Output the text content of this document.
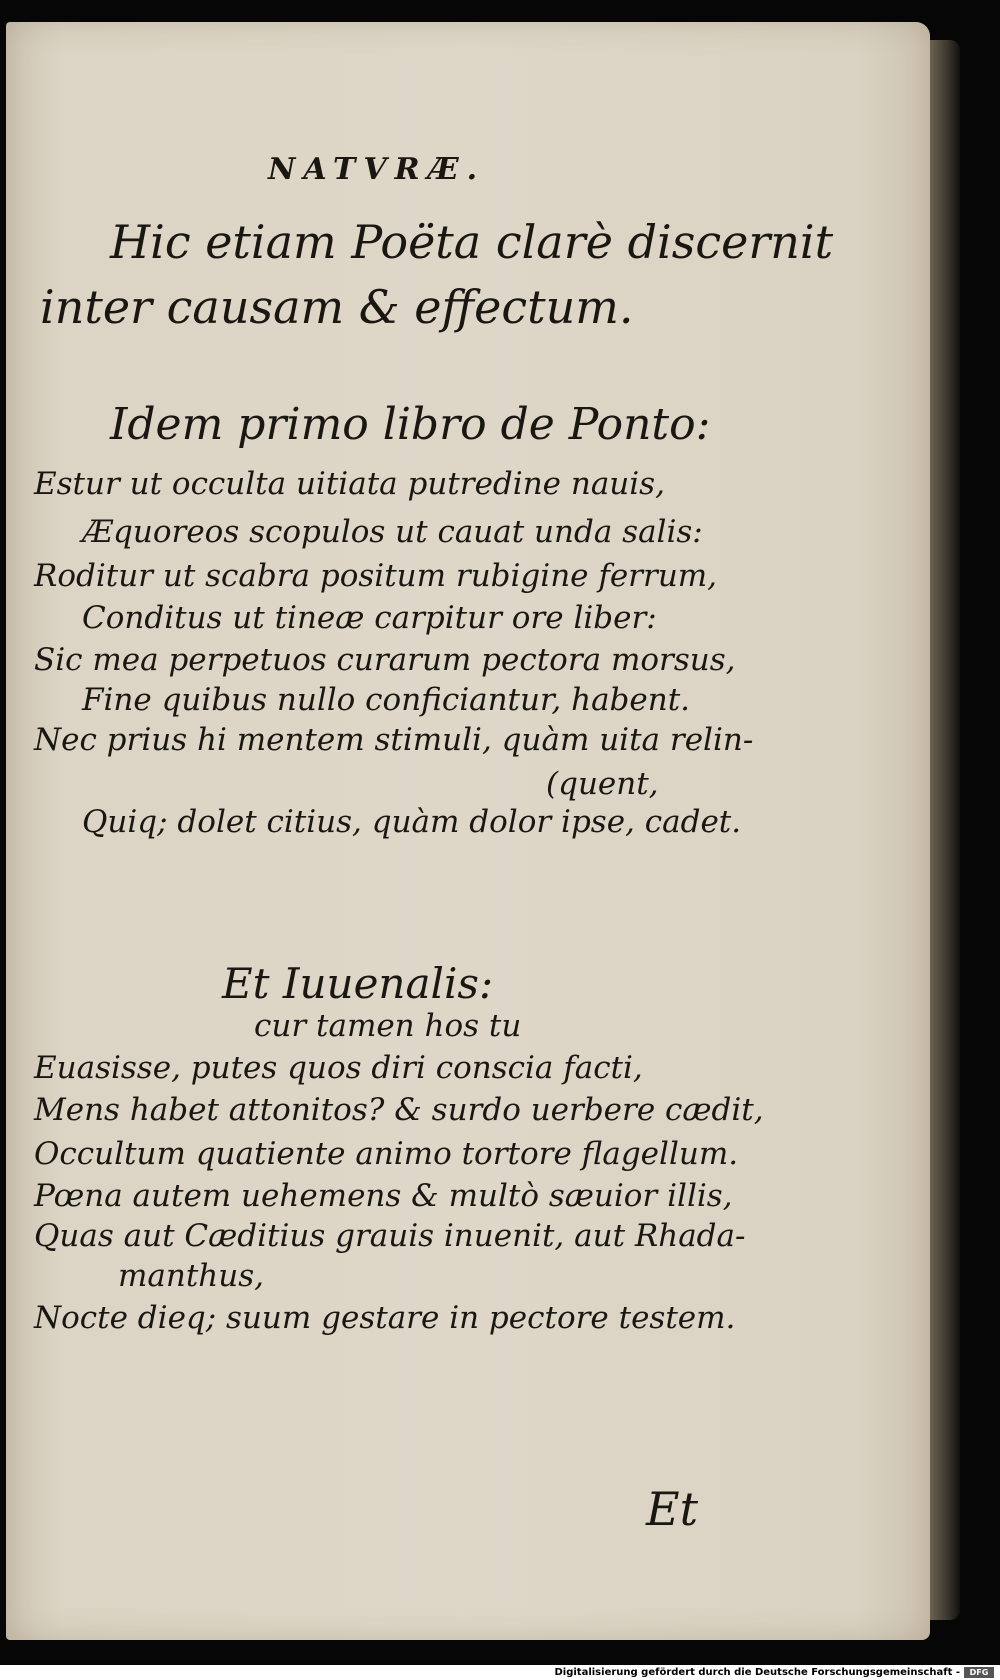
NATVRÆ.
Hic etiam Poëta clarè discernit
inter causam & effectum.
Idem primo libro de Ponto:
Estur ut occulta uitiata putredine nauis,
Æquoreos scopulos ut cauat unda salis:
Roditur ut scabra positum rubigine ferrum,
Conditus ut tineæ carpitur ore liber:
Sic mea perpetuos curarum pectora morsus,
Fine quibus nullo conficiantur, habent.
Nec prius hi mentem stimuli, quàm uita relin-
(quent,
Quiq; dolet citius, quàm dolor ipse, cadet.
Et Iuuenalis:
cur tamen hos tu
Euasisse, putes quos diri conscia facti,
Mens habet attonitos? & surdo uerbere cædit,
Occultum quatiente animo tortore flagellum.
Pœna autem uehemens & multò sæuior illis,
Quas aut Cæditius grauis inuenit, aut Rhada-
manthus,
Nocte dieq; suum gestare in pectore testem.
Et
Digitalisierung gefördert durch die Deutsche Forschungsgemeinschaft -	DFG
